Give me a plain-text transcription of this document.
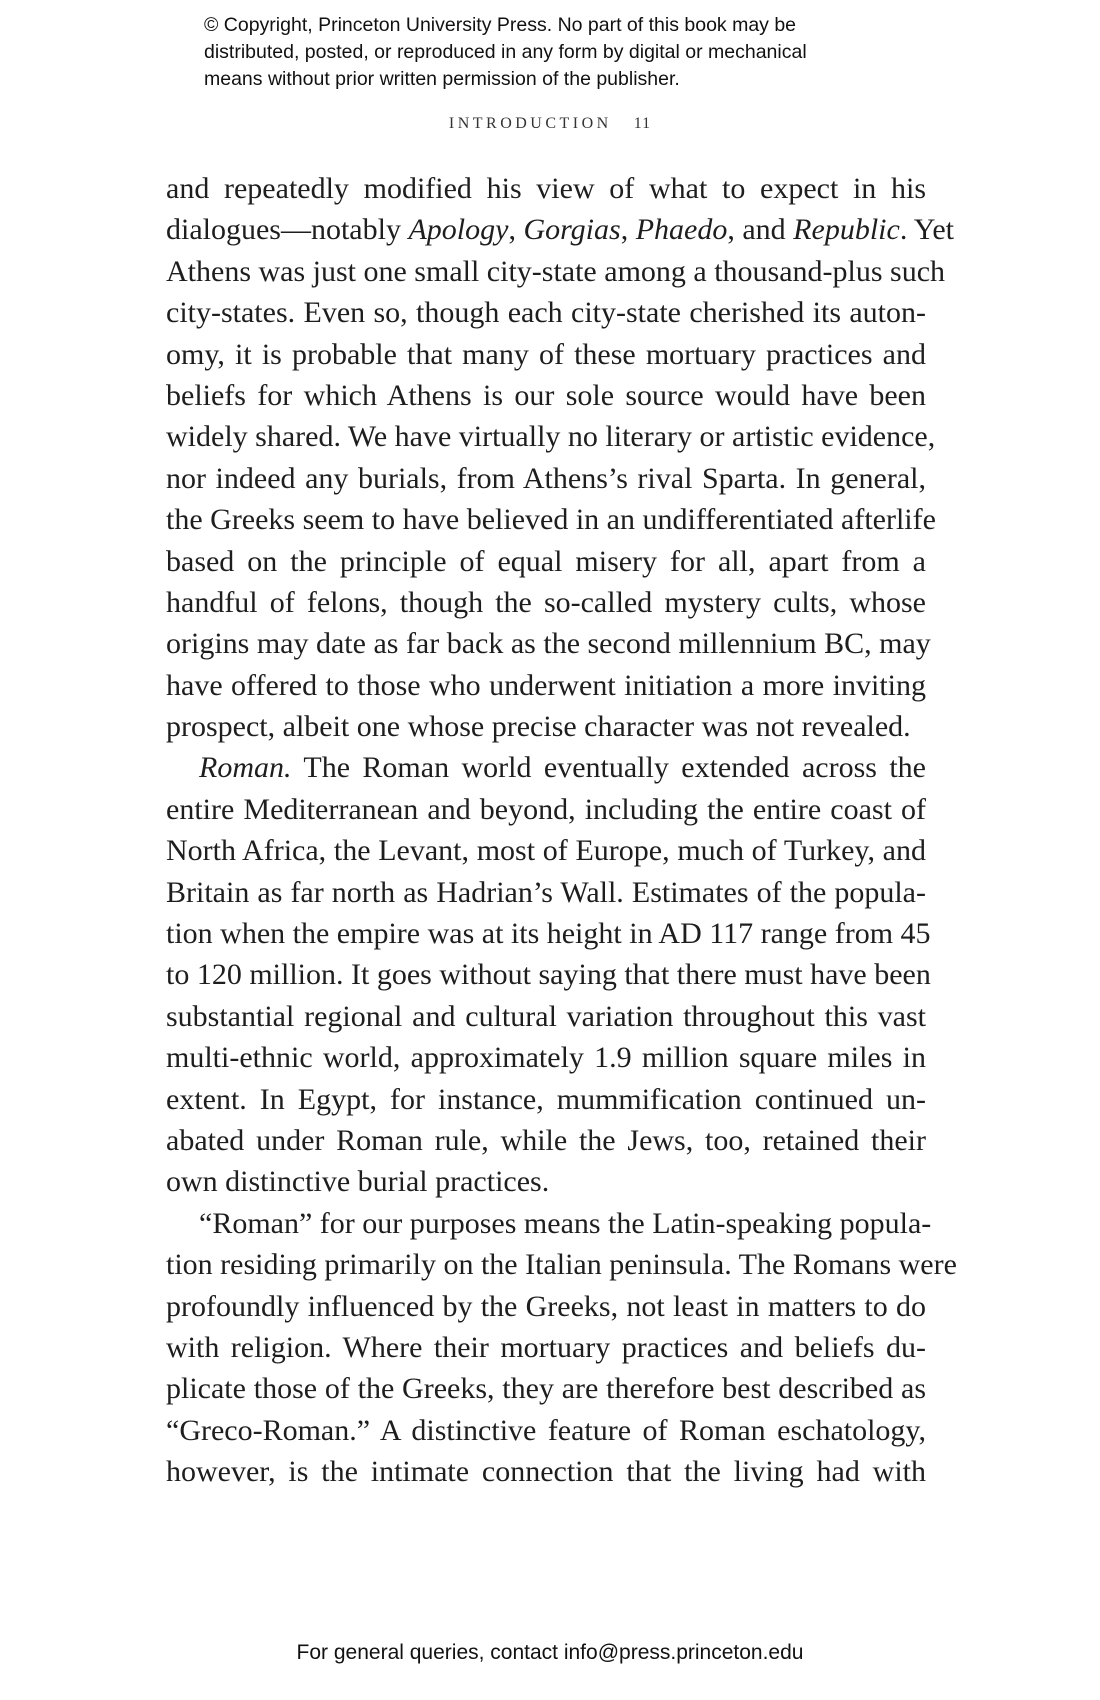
© Copyright, Princeton University Press. No part of this book may be
distributed, posted, or reproduced in any form by digital or mechanical
means without prior written permission of the publisher.
INTRODUCTION 11
and repeatedly modified his view of what to expect in his
dialogues—notably Apology, Gorgias, Phaedo, and Republic. Yet
Athens was just one small city-state among a thousand-plus such
city-states. Even so, though each city-state cherished its auton-
omy, it is probable that many of these mortuary practices and
beliefs for which Athens is our sole source would have been
widely shared. We have virtually no literary or artistic evidence,
nor indeed any burials, from Athens’s rival Sparta. In general,
the Greeks seem to have believed in an undifferentiated afterlife
based on the principle of equal misery for all, apart from a
handful of felons, though the so-called mystery cults, whose
origins may date as far back as the second millennium BC, may
have offered to those who underwent initiation a more inviting
prospect, albeit one whose precise character was not revealed.
Roman. The Roman world eventually extended across the
entire Mediterranean and beyond, including the entire coast of
North Africa, the Levant, most of Europe, much of Turkey, and
Britain as far north as Hadrian’s Wall. Estimates of the popula-
tion when the empire was at its height in AD 117 range from 45
to 120 million. It goes without saying that there must have been
substantial regional and cultural variation throughout this vast
multi-ethnic world, approximately 1.9 million square miles in
extent. In Egypt, for instance, mummification continued un-
abated under Roman rule, while the Jews, too, retained their
own distinctive burial practices.
“Roman” for our purposes means the Latin-speaking popula-
tion residing primarily on the Italian peninsula. The Romans were
profoundly influenced by the Greeks, not least in matters to do
with religion. Where their mortuary practices and beliefs du-
plicate those of the Greeks, they are therefore best described as
“Greco-Roman.” A distinctive feature of Roman eschatology,
however, is the intimate connection that the living had with
For general queries, contact info@press.princeton.edu
